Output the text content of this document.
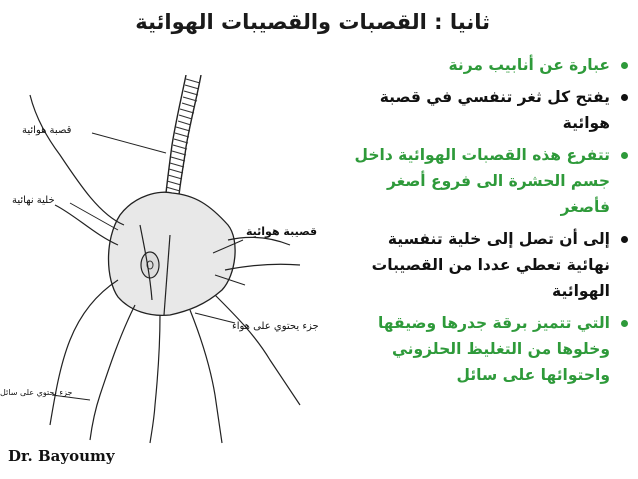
ثانيا : القصبات والقصيبات الهوائية
عبارة عن أنابيب مرنة
يفتح كل ثغر تنفسي في قصبة هوائية
تتفرع هذه القصبات الهوائية داخل جسم الحشرة الى فروع أصغر فأصغر
إلى أن تصل إلى خلية تنفسية نهائية تعطي عددا من القصيبات الهوائية
التي تتميز برقة جدرها وضيقها وخلوها من التغليظ الحلزوني واحتوائها على سائل
قصبة هوائية
خلية نهائية
قصيبة هوائية
جزء يحتوي على هواء
جزء يحتوي على سائل
Dr. Bayoumy
